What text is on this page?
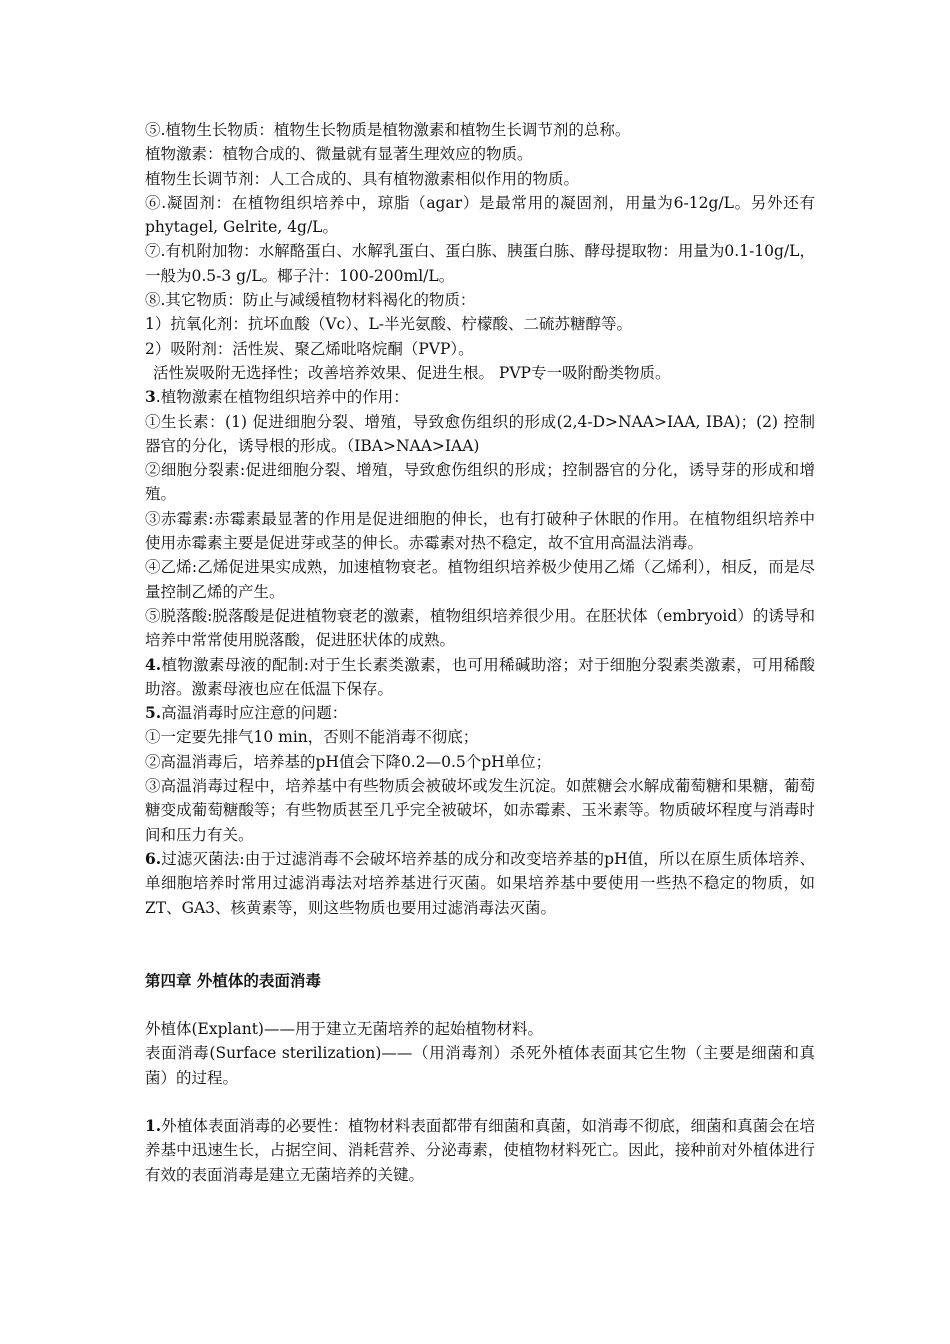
⑤.植物生长物质：植物生长物质是植物激素和植物生长调节剂的总称。

植物激素：植物合成的、微量就有显著生理效应的物质。

植物生长调节剂：人工合成的、具有植物激素相似作用的物质。

⑥.凝固剂：在植物组织培养中，琼脂（agar）是最常用的凝固剂，用量为6-12g/L。另外还有phytagel, Gelrite, 4g/L。

⑦.有机附加物：水解酪蛋白、水解乳蛋白、蛋白胨、胰蛋白胨、酵母提取物：用量为0.1-10g/L，一般为0.5-3 g/L。椰子汁：100-200ml/L。

⑧.其它物质：防止与减缓植物材料褐化的物质：

1）抗氧化剂：抗坏血酸（Vc）、L-半光氨酸、柠檬酸、二硫苏糖醇等。

2）吸附剂：活性炭、聚乙烯吡咯烷酮（PVP）。

活性炭吸附无选择性；改善培养效果、促进生根。 PVP专一吸附酚类物质。

3.植物激素在植物组织培养中的作用：

①生长素：(1) 促进细胞分裂、增殖，导致愈伤组织的形成(2,4-D>NAA>IAA, IBA)；(2) 控制器官的分化，诱导根的形成。（IBA>NAA>IAA)

②细胞分裂素:促进细胞分裂、增殖，导致愈伤组织的形成；控制器官的分化，诱导芽的形成和增殖。

③赤霉素:赤霉素最显著的作用是促进细胞的伸长，也有打破种子休眠的作用。在植物组织培养中使用赤霉素主要是促进芽或茎的伸长。赤霉素对热不稳定，故不宜用高温法消毒。

④乙烯:乙烯促进果实成熟，加速植物衰老。植物组织培养极少使用乙烯（乙烯利），相反，而是尽量控制乙烯的产生。

⑤脱落酸:脱落酸是促进植物衰老的激素，植物组织培养很少用。在胚状体（embryoid）的诱导和培养中常常使用脱落酸，促进胚状体的成熟。

4.植物激素母液的配制:对于生长素类激素，也可用稀碱助溶；对于细胞分裂素类激素，可用稀酸助溶。激素母液也应在低温下保存。

5.高温消毒时应注意的问题：

①一定要先排气10 min，否则不能消毒不彻底；

②高温消毒后，培养基的pH值会下降0.2—0.5个pH单位；

③高温消毒过程中，培养基中有些物质会被破坏或发生沉淀。如蔗糖会水解成葡萄糖和果糖，葡萄糖变成葡萄糖酸等；有些物质甚至几乎完全被破坏，如赤霉素、玉米素等。物质破坏程度与消毒时间和压力有关。

6.过滤灭菌法:由于过滤消毒不会破坏培养基的成分和改变培养基的pH值，所以在原生质体培养、单细胞培养时常用过滤消毒法对培养基进行灭菌。如果培养基中要使用一些热不稳定的物质，如ZT、GA3、核黄素等，则这些物质也要用过滤消毒法灭菌。

第四章 外植体的表面消毒

外植体(Explant)——用于建立无菌培养的起始植物材料。

表面消毒(Surface sterilization)——（用消毒剂）杀死外植体表面其它生物（主要是细菌和真菌）的过程。

1.外植体表面消毒的必要性：植物材料表面都带有细菌和真菌，如消毒不彻底，细菌和真菌会在培养基中迅速生长，占据空间、消耗营养、分泌毒素，使植物材料死亡。因此，接种前对外植体进行有效的表面消毒是建立无菌培养的关键。
